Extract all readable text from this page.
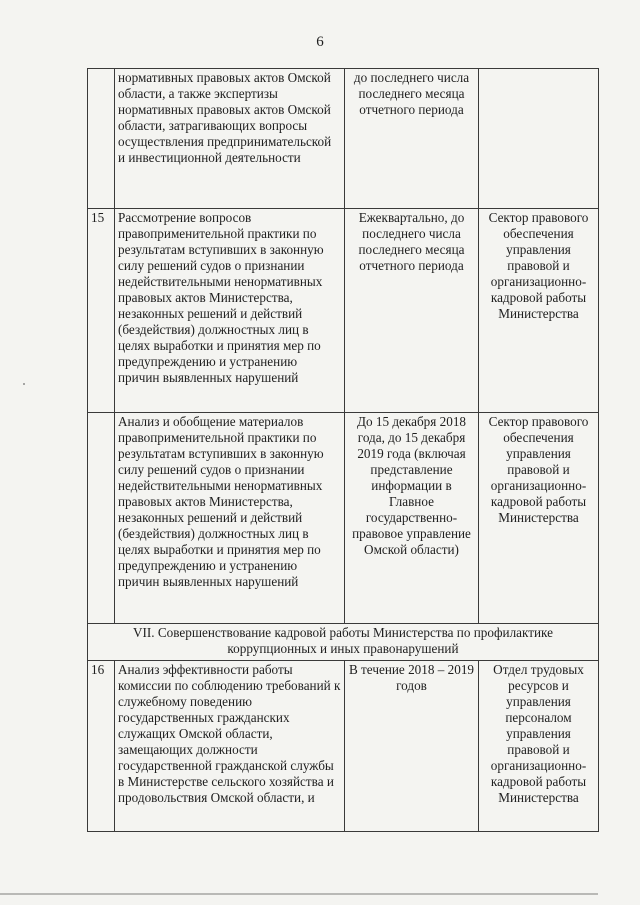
6
	нормативных правовых актов Омской области, а также экспертизы нормативных правовых актов Омской области, затрагивающих вопросы осуществления предпринимательской и инвестиционной деятельности	до последнего числа последнего месяца отчетного периода	
15	Рассмотрение вопросов правоприменительной практики по результатам вступивших в законную силу решений судов о признании недействительными ненормативных правовых актов Министерства, незаконных решений и действий (бездействия) должностных лиц в целях выработки и принятия мер по предупреждению и устранению причин выявленных нарушений	Ежеквартально, до последнего числа последнего месяца отчетного периода	Сектор правового обеспечения управления правовой и организационно-кадровой работы Министерства
	Анализ и обобщение материалов правоприменительной практики по результатам вступивших в законную силу решений судов о признании недействительными ненормативных правовых актов Министерства, незаконных решений и действий (бездействия) должностных лиц в целях выработки и принятия мер по предупреждению и устранению причин выявленных нарушений	До 15 декабря 2018 года, до 15 декабря 2019 года (включая представление информации в Главное государственно-правовое управление Омской области)	Сектор правового обеспечения управления правовой и организационно-кадровой работы Министерства
VII. Совершенствование кадровой работы Министерства по профилактике коррупционных и иных правонарушений			
16	Анализ эффективности работы комиссии по соблюдению требований к служебному поведению государственных гражданских служащих Омской области, замещающих должности государственной гражданской службы в Министерстве сельского хозяйства и продовольствия Омской области, и	В течение 2018 – 2019 годов	Отдел трудовых ресурсов и управления персоналом управления правовой и организационно-кадровой работы Министерства
